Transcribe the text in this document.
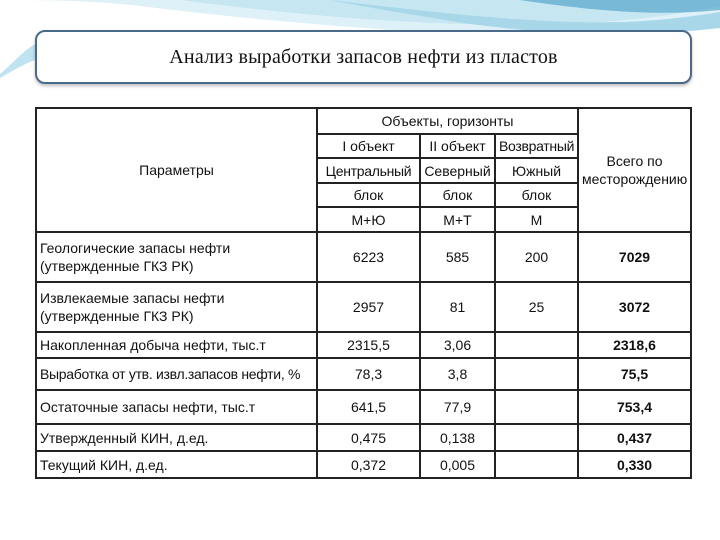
Анализ выработки запасов нефти из пластов
Параметры	Объекты, горизонты			Всего по
месторождению
	I объект	II объект	Возвратный	
	Центральный	Северный	Южный	
	блок	блок	блок	
	М+Ю	М+Т	М	
Геологические запасы нефти
(утвержденные ГКЗ РК)	6223	585	200	7029
Извлекаемые запасы нефти
(утвержденные ГКЗ РК)	2957	81	25	3072
Накопленная добыча нефти, тыс.т	2315,5	3,06		2318,6
Выработка от утв. извл.запасов нефти, %	78,3	3,8		75,5
Остаточные запасы нефти, тыс.т	641,5	77,9		753,4
Утвержденный КИН, д.ед.	0,475	0,138		0,437
Текущий КИН, д.ед.	0,372	0,005		0,330
